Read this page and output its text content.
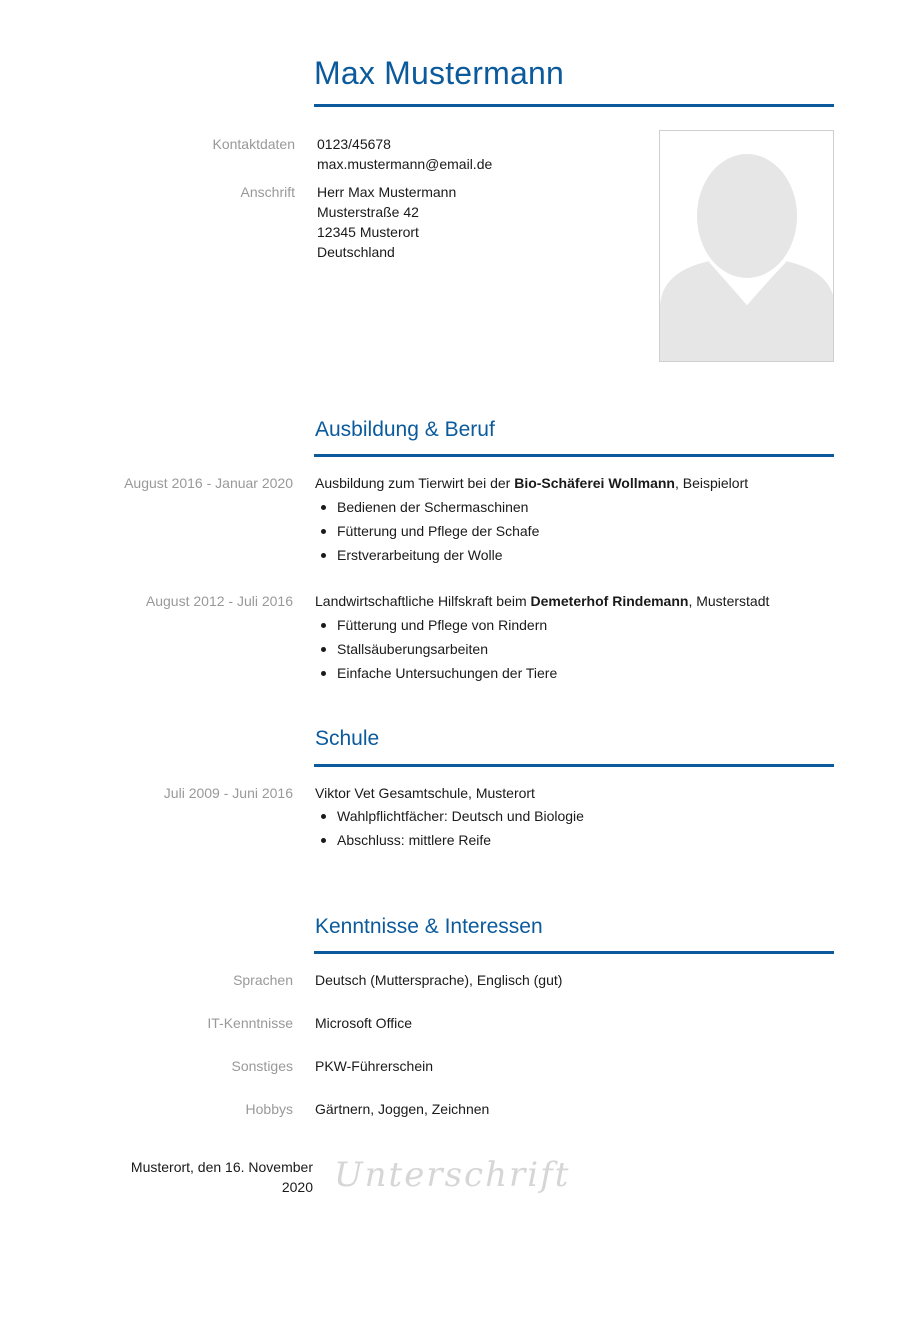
Max Mustermann
Kontaktdaten 0123/45678
max.mustermann@email.de
Anschrift Herr Max Mustermann
Musterstraße 42
12345 Musterort
Deutschland
Ausbildung & Beruf
August 2016 - Januar 2020 Ausbildung zum Tierwirt bei der Bio-Schäferei Wollmann, Beispielort
Bedienen der Schermaschinen
Fütterung und Pflege der Schafe
Erstverarbeitung der Wolle
August 2012 - Juli 2016 Landwirtschaftliche Hilfskraft beim Demeterhof Rindemann, Musterstadt
Fütterung und Pflege von Rindern
Stallsäuberungsarbeiten
Einfache Untersuchungen der Tiere
Schule
Juli 2009 - Juni 2016 Viktor Vet Gesamtschule, Musterort
Wahlpflichtfächer: Deutsch und Biologie
Abschluss: mittlere Reife
Kenntnisse & Interessen
Sprachen Deutsch (Muttersprache), Englisch (gut)
IT-Kenntnisse Microsoft Office
Sonstiges PKW-Führerschein
Hobbys Gärtnern, Joggen, Zeichnen
Musterort, den 16. November 2020 Unterschrift
